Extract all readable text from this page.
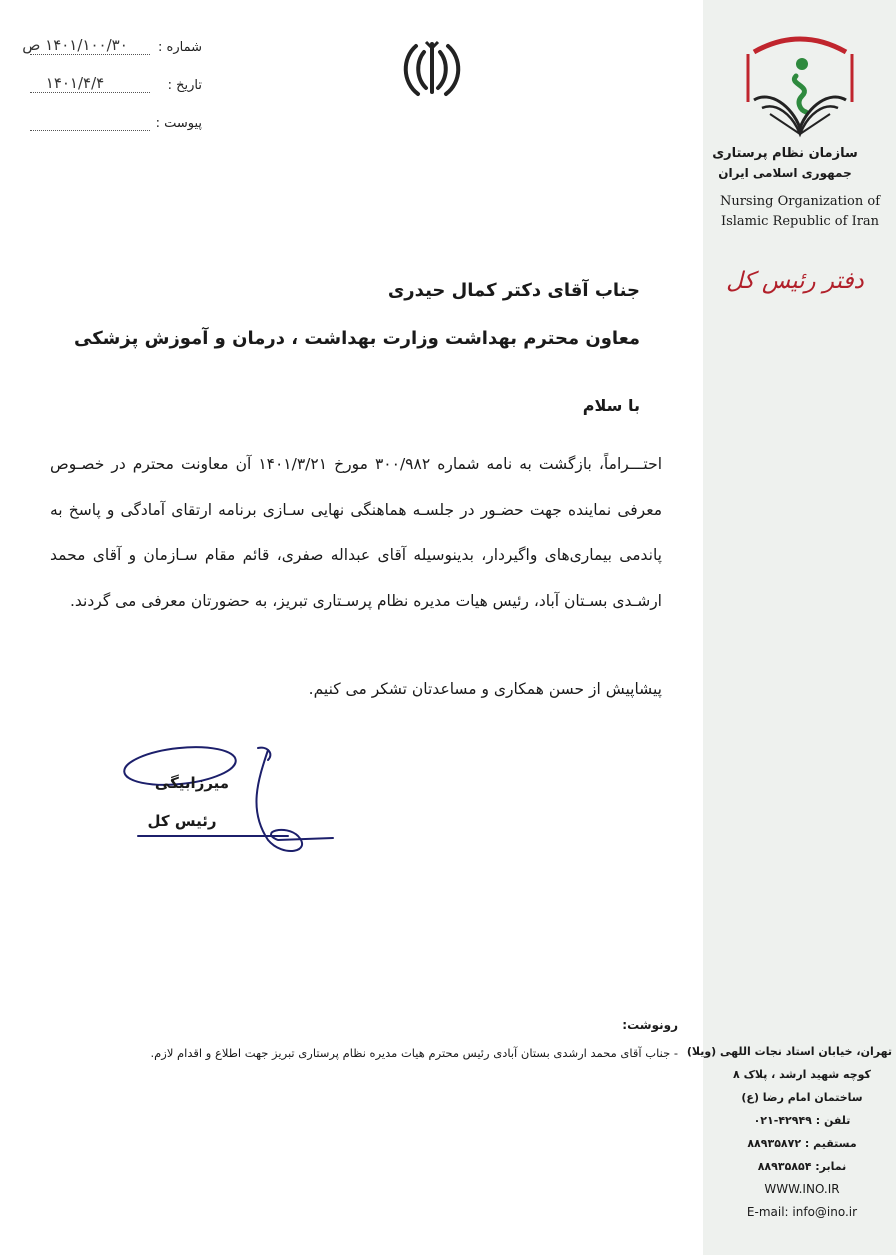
شماره :
۱۴۰۱/۱۰۰/۳۰ ص
تاریخ :
۱۴۰۱/۴/۴
پیوست :
سازمان نظام پرستاری
جمهوری اسلامی ایران
Nursing Organization of
Islamic Republic of Iran
دفتر رئیس کل
جناب آقای دکتر کمال حیدری
معاون محترم بهداشت وزارت بهداشت ، درمان و آموزش پزشکی
با سلام
احتـــراماً، بازگشت به نامه شماره ۳۰۰/۹۸۲ مورخ ۱۴۰۱/۳/۲۱ آن معاونت محترم در خصـوص معرفی نماینده جهت حضـور در جلسـه هماهنگی نهایی سـازی برنامه ارتقای آمادگی و پاسخ به پاندمی بیماری‌های واگیردار، بدینوسیله آقای عبداله صفری، قائم مقام سـازمان و آقای محمد ارشـدی بسـتان آباد، رئیس هیات مدیره نظام پرسـتاری تبریز، به حضورتان معرفی می گردند.
پیشاپیش از حسن همکاری و مساعدتان تشکر می کنیم.
میرزابیگی
رئیس کل
رونوشت:
- جناب آقای محمد ارشدی بستان آبادی رئیس محترم هیات مدیره نظام پرستاری تبریز جهت اطلاع و اقدام لازم. تهران، خیابان استاد نجات اللهی (ویلا)
کوچه شهید ارشد ، پلاک ۸
ساختمان امام رضا (ع)
تلفن : ۴۲۹۴۹-۰۲۱
مستقیم : ۸۸۹۳۵۸۷۲
نمابر: ۸۸۹۳۵۸۵۴
WWW.INO.IR
E-mail: info@ino.ir
